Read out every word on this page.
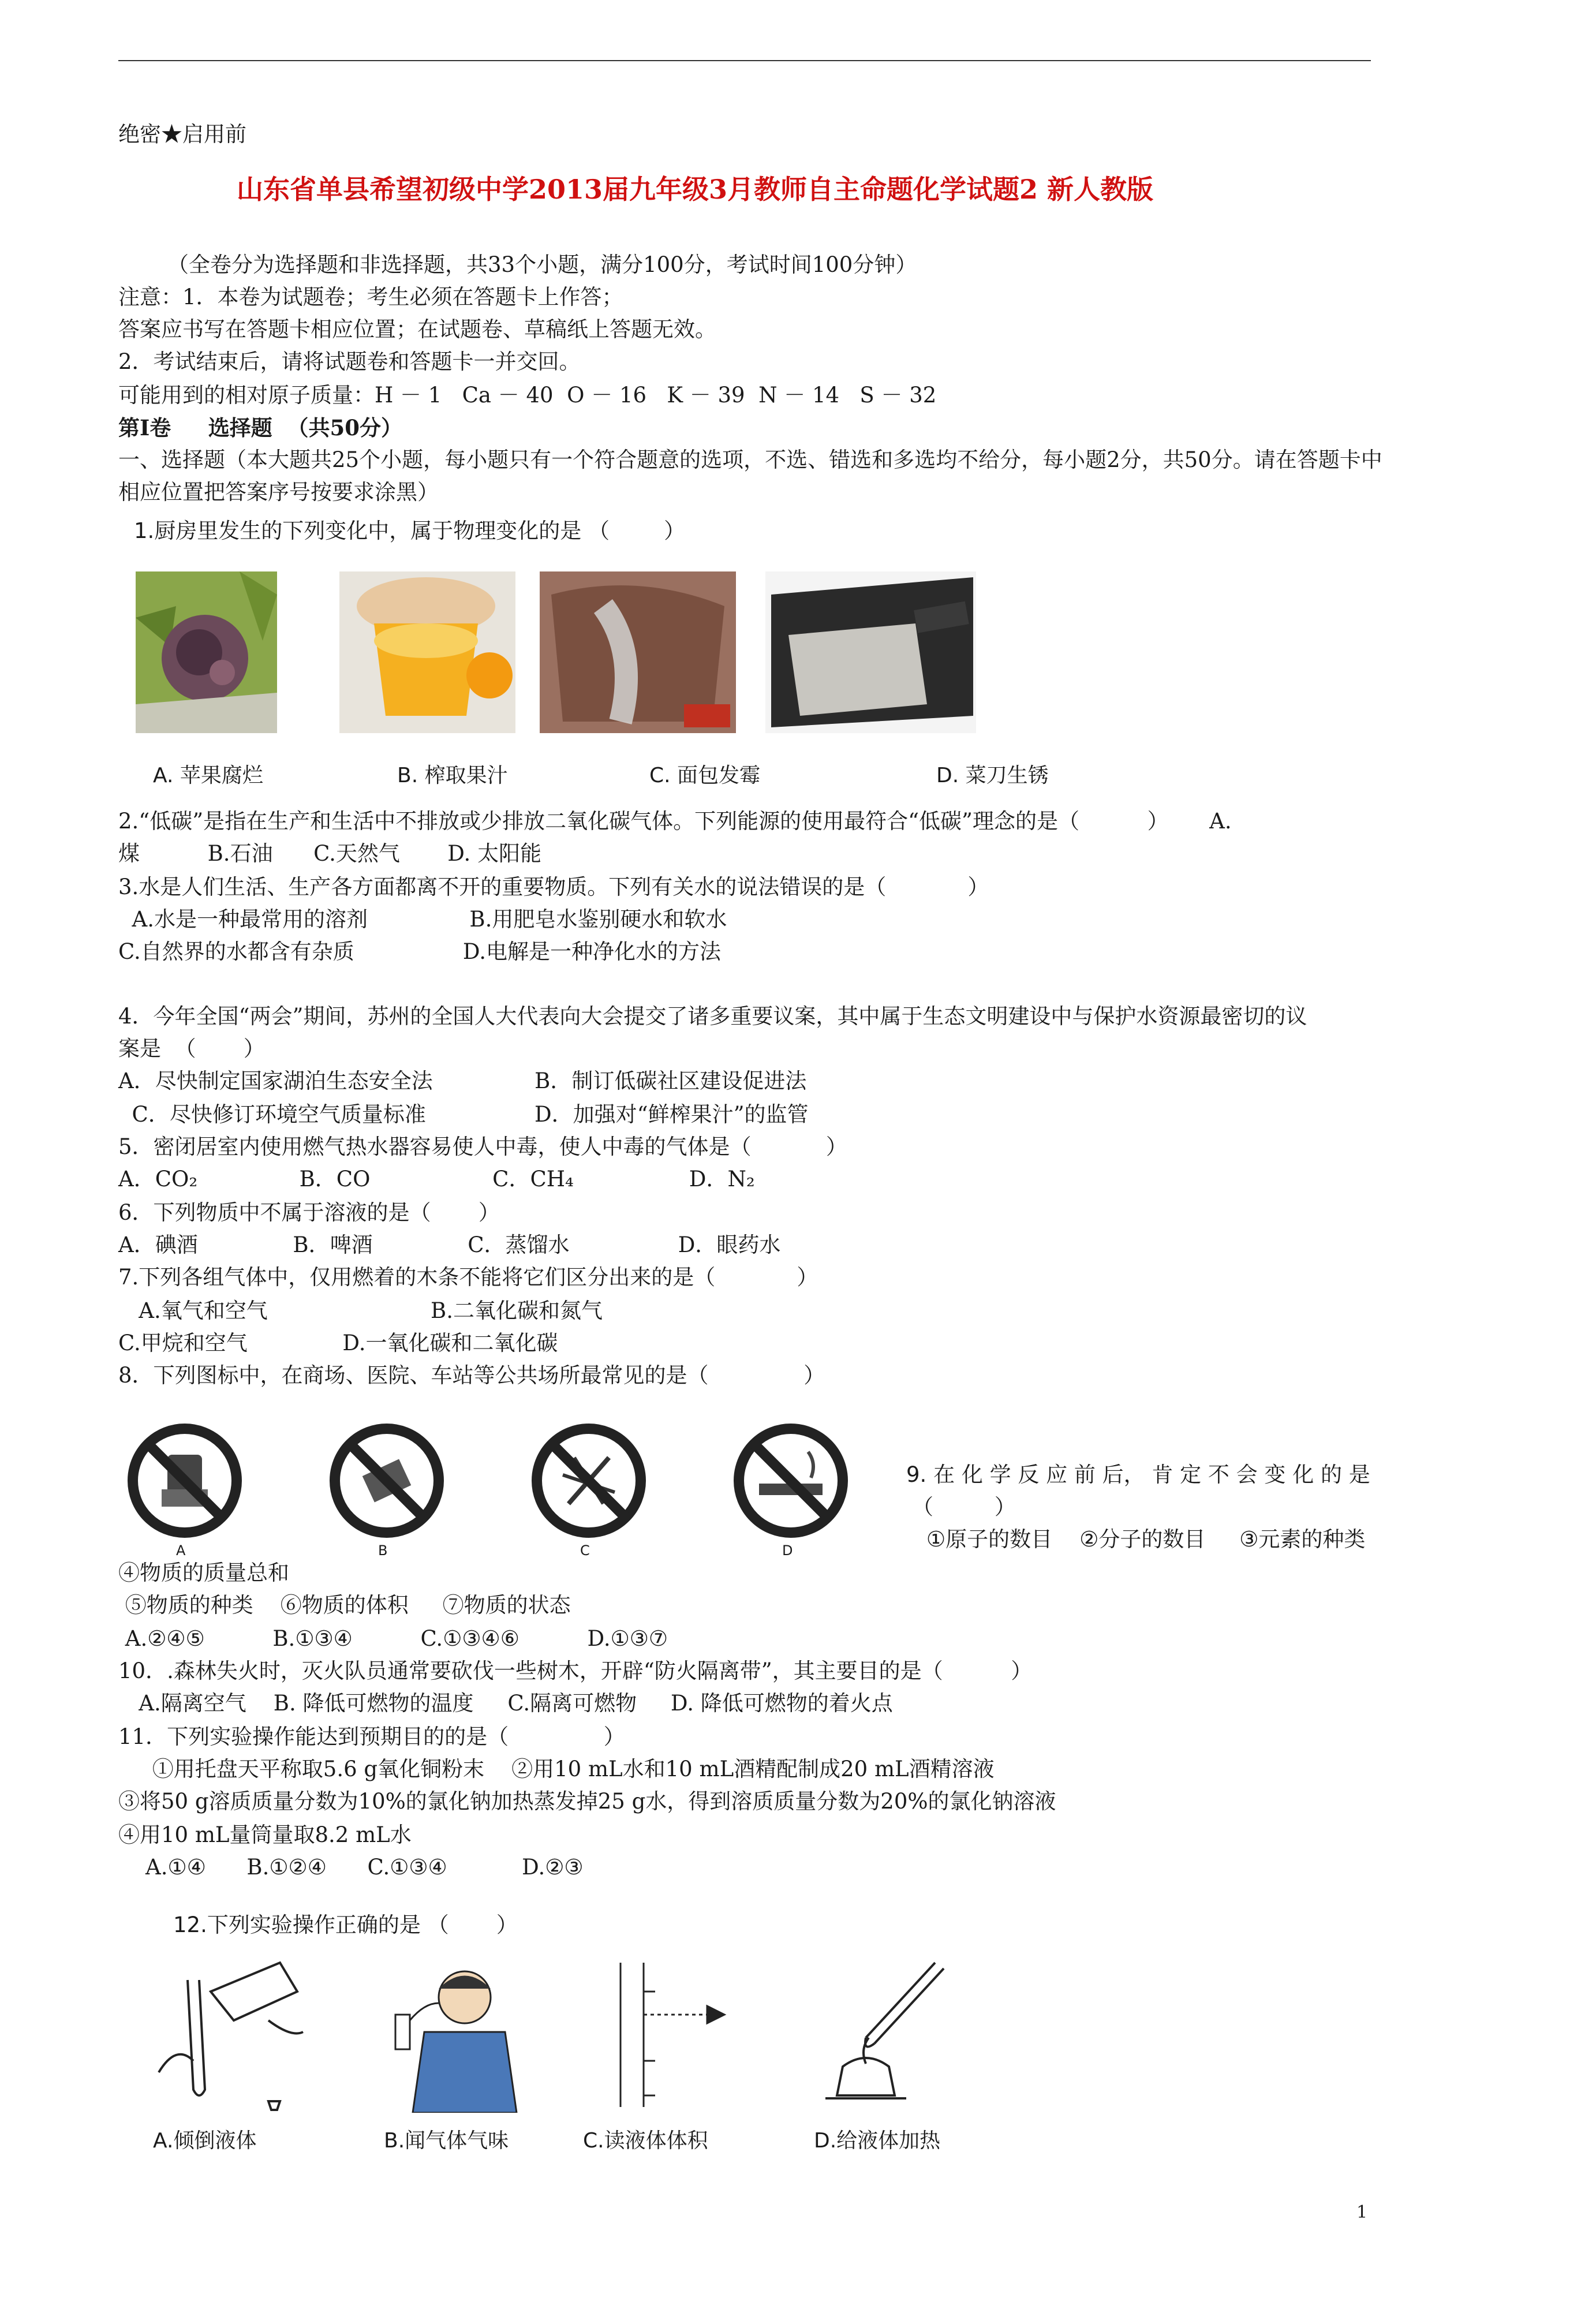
绝密★启用前
山东省单县希望初级中学2013届九年级3月教师自主命题化学试题2 新人教版
（全卷分为选择题和非选择题，共33个小题，满分100分，考试时间100分钟）
注意：1．本卷为试题卷；考生必须在答题卡上作答；
答案应书写在答题卡相应位置；在试题卷、草稿纸上答题无效。
2．考试结束后，请将试题卷和答题卡一并交回。
可能用到的相对原子质量：H － 1   Ca － 40  O － 16   K － 39  N － 14   S － 32
第Ⅰ卷     选择题  （共50分）
一、选择题（本大题共25个小题，每小题只有一个符合题意的选项，不选、错选和多选均不给分，每小题2分，共50分。请在答题卡中
相应位置把答案序号按要求涂黑）
1.厨房里发生的下列变化中，属于物理变化的是 （        ）
A. 苹果腐烂	B. 榨取果汁	C. 面包发霉	D. 菜刀生锈
2.“低碳”是指在生产和生活中不排放或少排放二氧化碳气体。下列能源的使用最符合“低碳”理念的是（          ）      A.
煤          B.石油      C.天然气       D. 太阳能
3.水是人们生活、生产各方面都离不开的重要物质。下列有关水的说法错误的是（            ）
A.水是一种最常用的溶剂               B.用肥皂水鉴别硬水和软水
C.自然界的水都含有杂质                D.电解是一种净化水的方法
4．今年全国“两会”期间，苏州的全国人大代表向大会提交了诸多重要议案，其中属于生态文明建设中与保护水资源最密切的议
案是  （       ）
A．尽快制定国家湖泊生态安全法               B．制订低碳社区建设促进法
C．尽快修订环境空气质量标准                D．加强对“鲜榨果汁”的监管
5．密闭居室内使用燃气热水器容易使人中毒，使人中毒的气体是（           ）
A．CO₂               B．CO                  C．CH₄                 D．N₂
6．下列物质中不属于溶液的是（       ）
A．碘酒              B．啤酒              C．蒸馏水                D．眼药水
7.下列各组气体中，仅用燃着的木条不能将它们区分出来的是（            ）
A.氧气和空气                        B.二氧化碳和氮气
C.甲烷和空气              D.一氧化碳和二氧化碳
8．下列图标中，在商场、医院、车站等公共场所最常见的是（              ）
A	B	C	D
9. 在 化 学 反 应 前 后， 肯 定 不 会 变 化 的 是
（         ）
①原子的数目    ②分子的数目     ③元素的种类
④物质的质量总和
⑤物质的种类    ⑥物质的体积     ⑦物质的状态
A.②④⑤          B.①③④          C.①③④⑥          D.①③⑦
10．.森林失火时，灭火队员通常要砍伐一些树木，开辟“防火隔离带”，其主要目的是（          ）
A.隔离空气    B. 降低可燃物的温度     C.隔离可燃物     D. 降低可燃物的着火点
11．下列实验操作能达到预期目的的是（              ）
①用托盘天平称取5.6 g氧化铜粉末    ②用10 mL水和10 mL酒精配制成20 mL酒精溶液
③将50 g溶质质量分数为10%的氯化钠加热蒸发掉25 g水，得到溶质质量分数为20%的氯化钠溶液
④用10 mL量筒量取8.2 mL水
A.①④      B.①②④      C.①③④           D.②③
12.下列实验操作正确的是 （       ）
A.倾倒液体	B.闻气体气味	C.读液体体积	D.给液体加热
1
